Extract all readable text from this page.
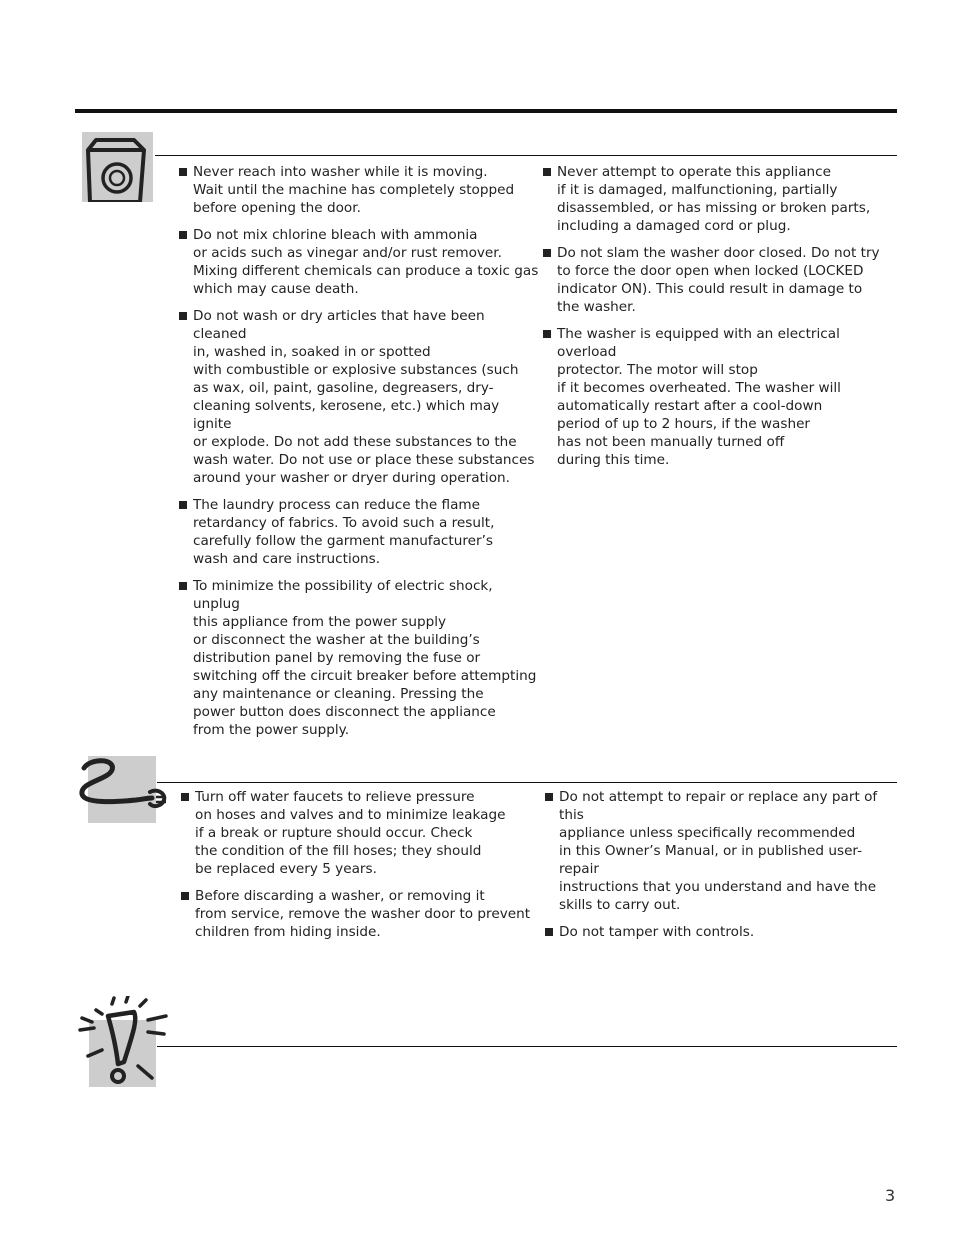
Never reach into washer while it is moving.
Wait until the machine has completely stopped
before opening the door.
Do not mix chlorine bleach with ammonia
or acids such as vinegar and/or rust remover.
Mixing different chemicals can produce a toxic gas
which may cause death.
Do not wash or dry articles that have been cleaned
in, washed in, soaked in or spotted
with combustible or explosive substances (such
as wax, oil, paint, gasoline, degreasers, dry-
cleaning solvents, kerosene, etc.) which may ignite
or explode. Do not add these substances to the
wash water. Do not use or place these substances
around your washer or dryer during operation.
The laundry process can reduce the flame
retardancy of fabrics. To avoid such a result,
carefully follow the garment manufacturer’s
wash and care instructions.
To minimize the possibility of electric shock, unplug
this appliance from the power supply
or disconnect the washer at the building’s
distribution panel by removing the fuse or
switching off the circuit breaker before attempting
any maintenance or cleaning. Pressing the
power button does disconnect the appliance
from the power supply.
Never attempt to operate this appliance
if it is damaged, malfunctioning, partially
disassembled, or has missing or broken parts,
including a damaged cord or plug.
Do not slam the washer door closed. Do not try
to force the door open when locked (LOCKED
indicator ON). This could result in damage to
the washer.
The washer is equipped with an electrical overload
protector. The motor will stop
if it becomes overheated. The washer will
automatically restart after a cool-down
period of up to 2 hours, if the washer
has not been manually turned off
during this time.
Turn off water faucets to relieve pressure
on hoses and valves and to minimize leakage
if a break or rupture should occur. Check
the condition of the fill hoses; they should
be replaced every 5 years.
Before discarding a washer, or removing it
from service, remove the washer door to prevent
children from hiding inside.
Do not attempt to repair or replace any part of this
appliance unless specifically recommended
in this Owner’s Manual, or in published user-repair
instructions that you understand and have the
skills to carry out.
Do not tamper with controls.
3
